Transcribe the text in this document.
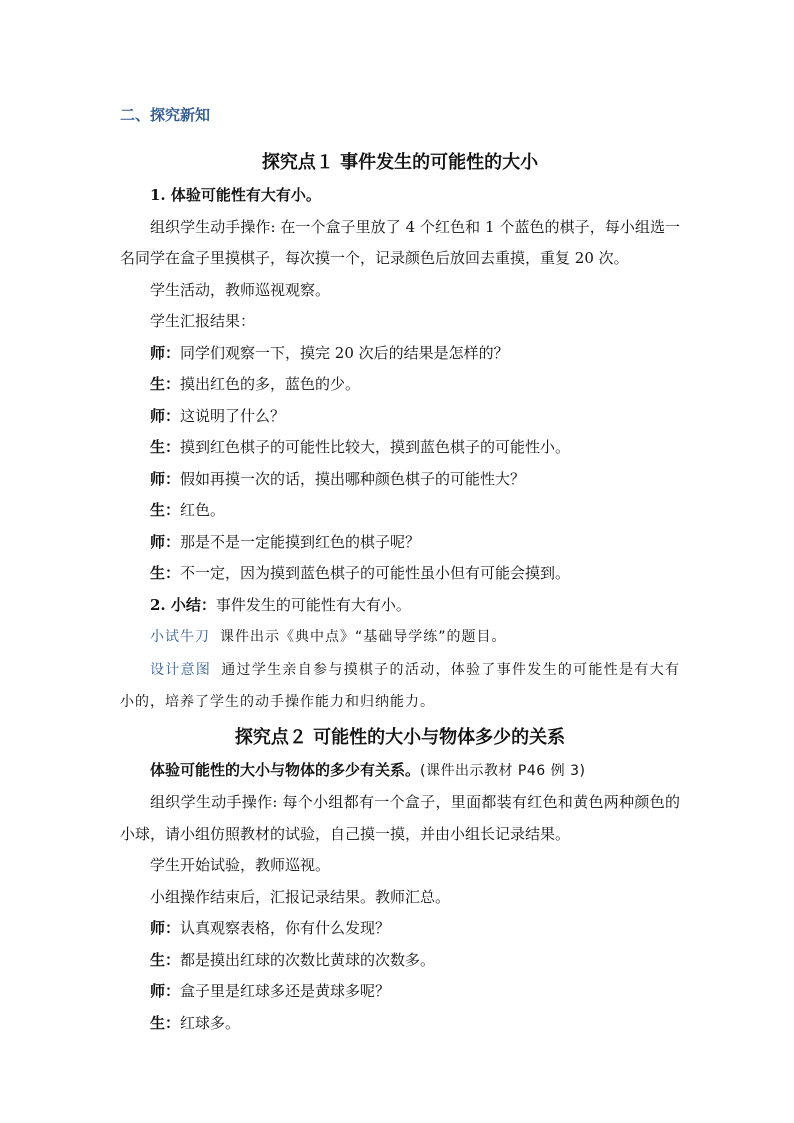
二、探究新知
探究点１ 事件发生的可能性的大小

1. 体验可能性有大有小。

组织学生动手操作: 在一个盒子里放了 4 个红色和 1 个蓝色的棋子，每小组选一名同学在盒子里摸棋子，每次摸一个，记录颜色后放回去重摸，重复 20 次。

学生活动，教师巡视观察。

学生汇报结果：

师：同学们观察一下，摸完 20 次后的结果是怎样的？

生：摸出红色的多，蓝色的少。

师：这说明了什么？

生：摸到红色棋子的可能性比较大，摸到蓝色棋子的可能性小。

师：假如再摸一次的话，摸出哪种颜色棋子的可能性大？

生：红色。

师：那是不是一定能摸到红色的棋子呢？

生：不一定，因为摸到蓝色棋子的可能性虽小但有可能会摸到。

2. 小结：事件发生的可能性有大有小。

小试牛刀 课件出示《典中点》“基础导学练”的题目。

设计意图 通过学生亲自参与摸棋子的活动，体验了事件发生的可能性是有大有小的，培养了学生的动手操作能力和归纳能力。

探究点２ 可能性的大小与物体多少的关系

体验可能性的大小与物体的多少有关系。(课件出示教材 P46 例 3)

组织学生动手操作: 每个小组都有一个盒子，里面都装有红色和黄色两种颜色的小球，请小组仿照教材的试验，自己摸一摸，并由小组长记录结果。

学生开始试验，教师巡视。

小组操作结束后，汇报记录结果。教师汇总。

师：认真观察表格，你有什么发现？

生：都是摸出红球的次数比黄球的次数多。

师：盒子里是红球多还是黄球多呢？

生：红球多。
